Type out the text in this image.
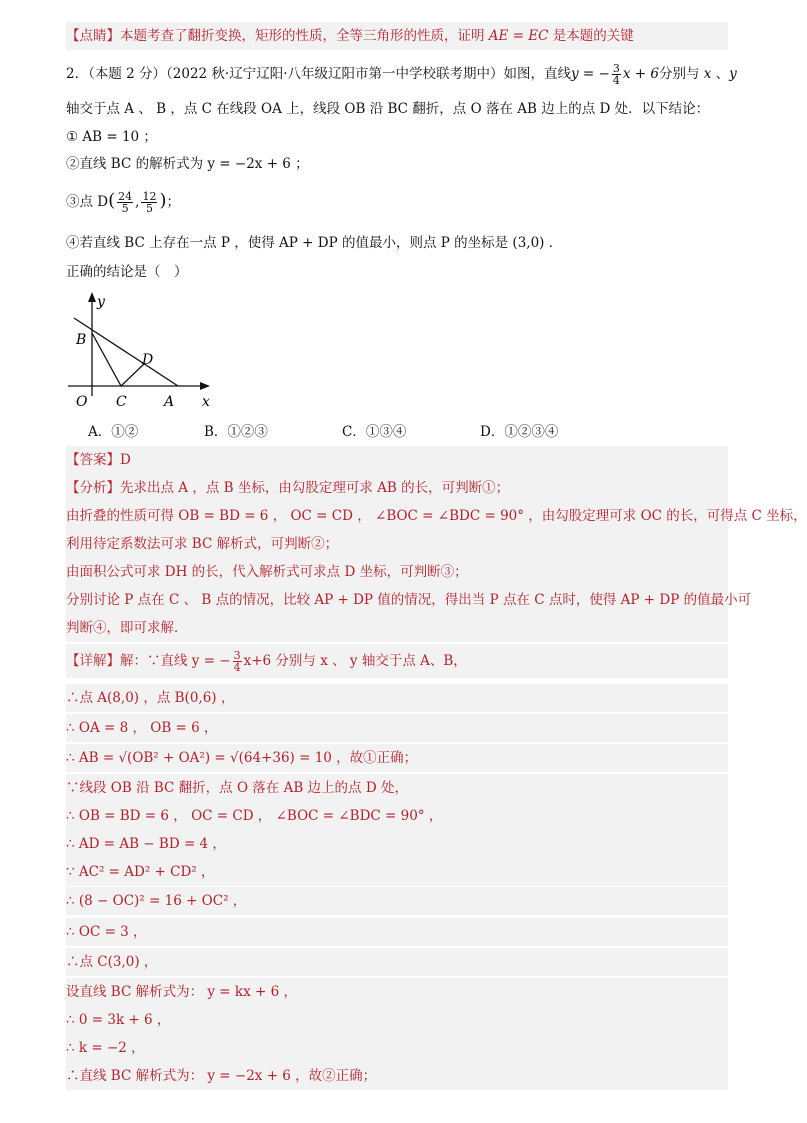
【点睛】本题考查了翻折变换，矩形的性质，全等三角形的性质，证明 AE = EC 是本题的关键
2．（本题 2 分）（2022 秋·辽宁辽阳·八年级辽阳市第一中学校联考期中）如图，直线y = − $\frac{3}{4}$ x + 6分别与 x 、y
轴交于点 A 、 B ，点 C 在线段 OA 上，线段 OB 沿 BC 翻折，点 O 落在 AB 边上的点 D 处．以下结论：
① AB = 10 ；
②直线 BC 的解析式为 y = −2x + 6 ；
③点 $D( \frac{24}{5}$ , $\frac{12}{5}$ )；
④若直线 BC 上存在一点 P ，使得 AP + DP 的值最小，则点 P 的坐标是 (3,0) ．
正确的结论是（　）
y
x
B
D
O C	A
A．①②	B．①②③	C．①③④	D．①②③④
【答案】D
【分析】先求出点 A ，点 B 坐标，由勾股定理可求 AB 的长，可判断①；
由折叠的性质可得 OB = BD = 6 ， OC = CD ， ∠BOC = ∠BDC = 90° ，由勾股定理可求 OC 的长，可得点 C 坐标，
利用待定系数法可求 BC 解析式，可判断②；
由面积公式可求 DH 的长，代入解析式可求点 D 坐标，可判断③；
分别讨论 P 点在 C 、 B 点的情况，比较 AP + DP 值的情况，得出当 P 点在 C 点时，使得 AP + DP 的值最小可
判断④，即可求解．
【详解】解：∵直线 y = − $\frac{3}{4} x+6$ 分别与 x 、 y 轴交于点 A、B，
∴点 A(8,0) ，点 B(0,6) ，
∴ OA = 8 ， OB = 6 ，
∴ AB = √(OB² + OA²) = √(64+36) = 10 ，故①正确；
∵线段 OB 沿 BC 翻折，点 O 落在 AB 边上的点 D 处，
∴ OB = BD = 6 ， OC = CD ， ∠BOC = ∠BDC = 90° ，
∴ AD = AB − BD = 4 ，
∵ AC² = AD² + CD² ，
∴ (8 − OC)² = 16 + OC² ，
∴ OC = 3 ，
∴点 C(3,0) ，
设直线 BC 解析式为： y = kx + 6 ，
∴ 0 = 3k + 6 ，
∴ k = −2 ，
∴直线 BC 解析式为： y = −2x + 6 ，故②正确；
